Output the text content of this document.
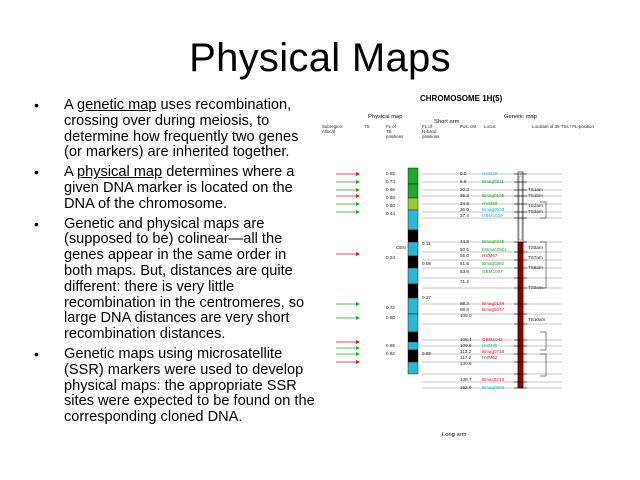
Physical Maps
• A genetic map uses recombination, crossing over during meiosis, to determine how frequently two genes (or markers) are inherited together.
• A physical map determines where a given DNA marker is located on the DNA of the chromosome.
• Genetic and physical maps are (supposed to be) colinear—all the genes appear in the same order in both maps. But, distances are quite different: there is very little recombination in the centromeres, so large DNA distances are very short recombination distances.
• Genetic maps using microsatellite (SSR) markers were used to develop physical maps: the appropriate SSR sites were expected to be found on the corresponding cloned DNA.
CHROMOSOME 1H(5)
Physical map
Short arm
Genetic map
Long arm
CEN
Subregion
Alloc/d
TS	FL of
TS
positions
FL of
N-band
positions
Pos. cM Locus	Location of 35 TSs / FL-position
0.85
0.74
0.66
0.58
0.50
0.44
0.34
0.72
0.80
0.86
0.92
0.11
0.08
0.37
0.89
0.0
6.9
20.3
36.3
34.6
36.0
37.4
44.9
50.6
55.0
61.5
63.9
71.2
88.3
99.8
105.0
108.4
109.6
113.2
117.2
130.6
139.7
152.9
HVM20
Bmag0211
Bmag0105
HVM56
Bmag0503
GBM1029
Bmag0345
EBmac0501
HVM67
Bmag0382
GBM1007
Bmag0149
Bmag0347
GBM1042
HVM35
Bmag0718
HVM62
Bmac0213
Bmag0593
TS1am
TS1bm
TS2am
TS3am
TS5am
TS7am
TS8am
TS9am
TS10am
